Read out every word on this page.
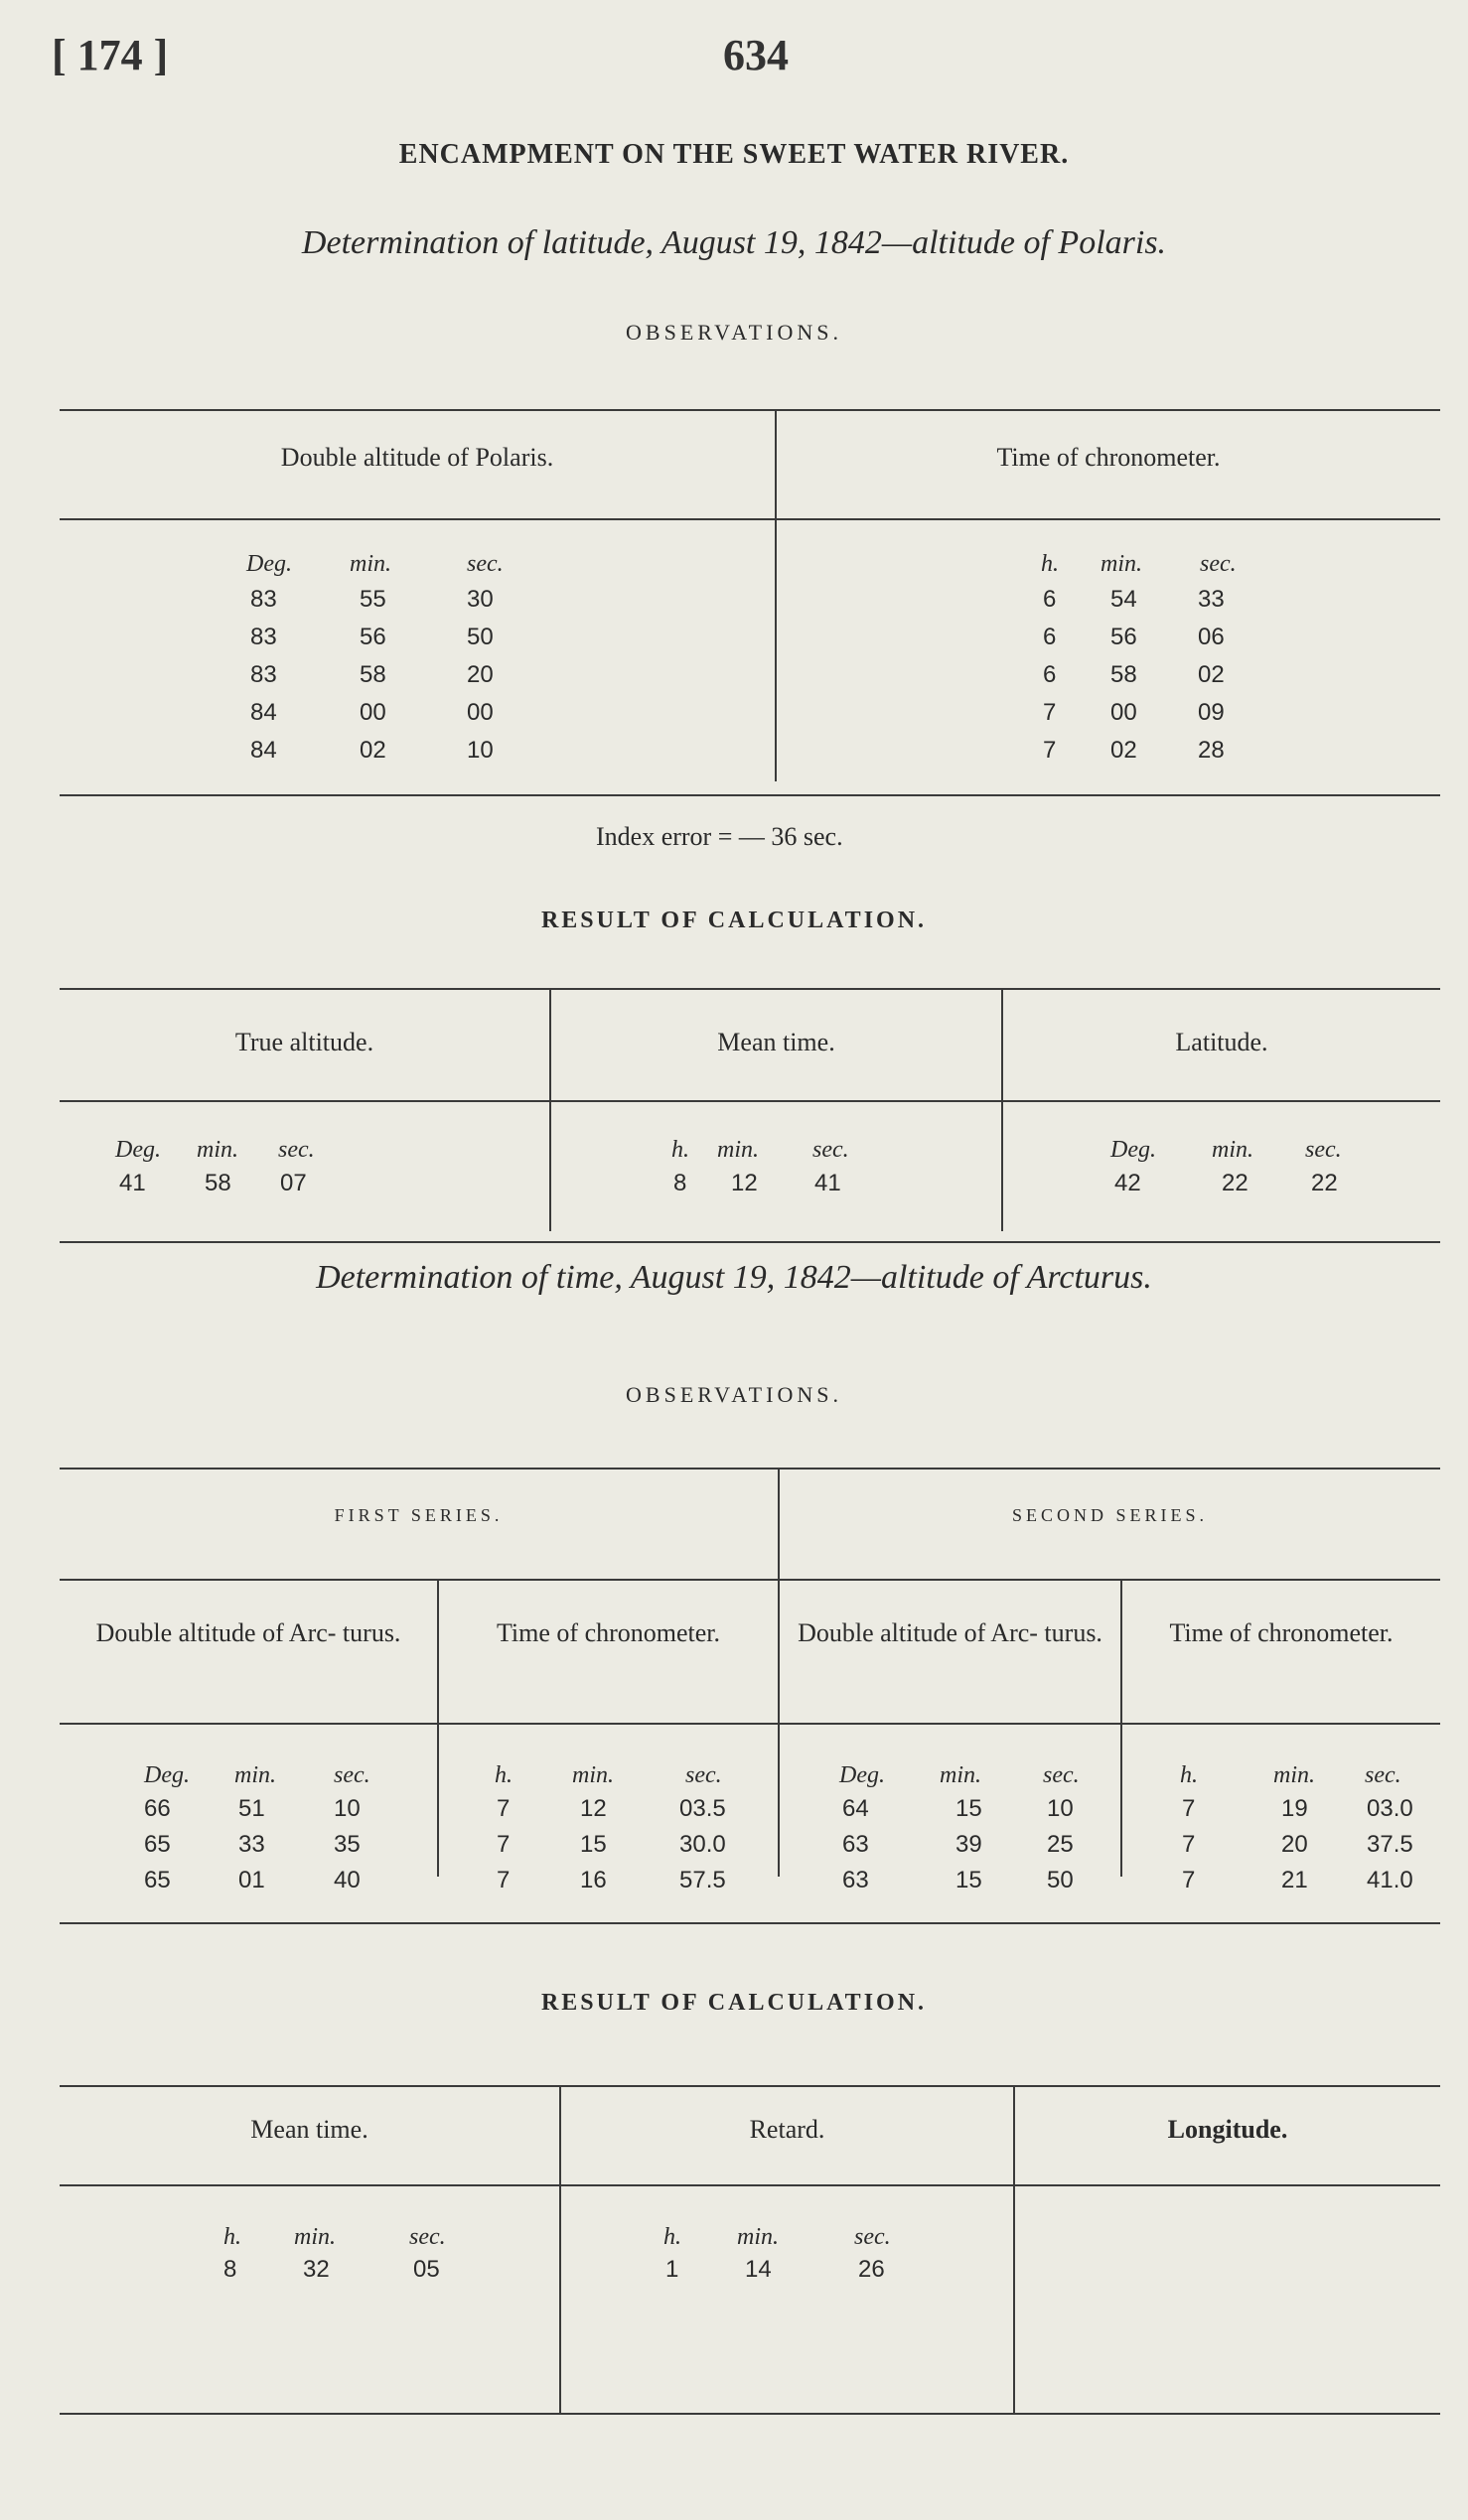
[ 174 ]	634
ENCAMPMENT ON THE SWEET WATER RIVER.
Determination of latitude, August 19, 1842—altitude of Polaris.
OBSERVATIONS.
Double altitude of Polaris.	Time of chronometer.
Deg. min.	sec.	h. min. sec.
83	55	30	6 54	33
83	56	50	6 56	06
83	58	20	6 58	02
84	00	00	7 00	09
84	02	10	7 02	28
Index error = — 36 sec.
RESULT OF CALCULATION.
True altitude.	Mean time.	Latitude.
Deg. min. sec.	h. min. sec.	Deg. min. sec.
41 58 07	8 12 41	42	22	22
Determination of time, August 19, 1842—altitude of Arcturus.
OBSERVATIONS.
FIRST SERIES.	SECOND SERIES.
Double altitude of Arc- turus.	Time of chronometer.	Double altitude of Arc- turus.	Time of chronometer.
Deg. min. sec.	h.	min.	sec.	Deg. min.	sec.	h.	min. sec.
66	51	10	7	12	03.5	64	15	10	7	19 03.0
65	33	35	7	15	30.0	63	39	25	7	20 37.5
65	01	40	7	16	57.5	63	15	50	7	21 41.0
RESULT OF CALCULATION.
Mean time.	Retard.	Longitude.
h. min.	sec.	h. min.	sec.
8	32	05	1	14	26
